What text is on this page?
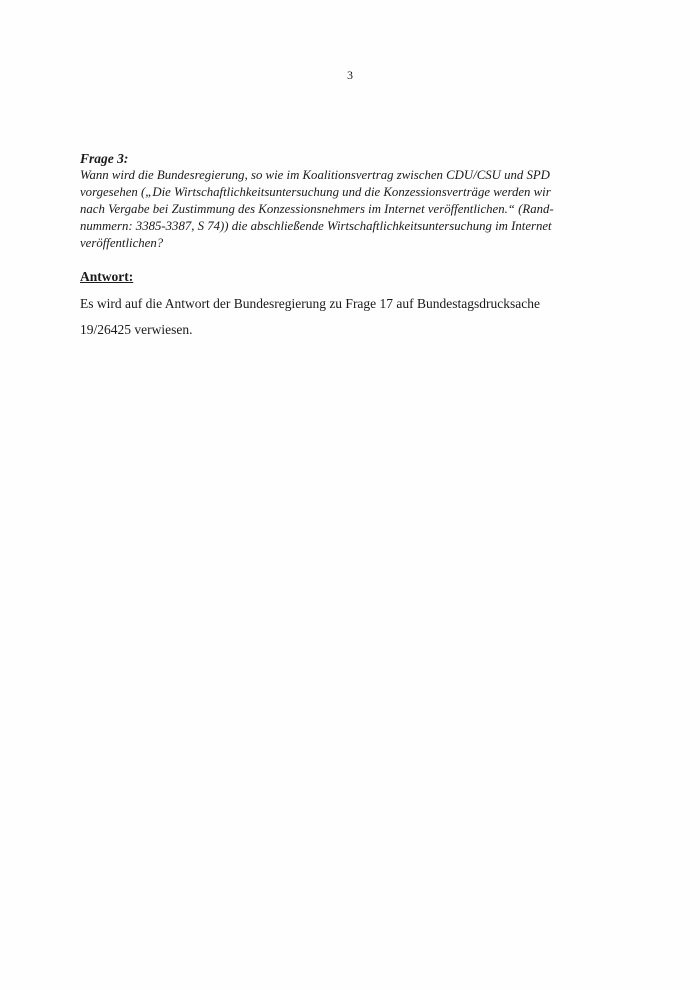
3
Frage 3:
Wann wird die Bundesregierung, so wie im Koalitionsvertrag zwischen CDU/CSU und SPD
vorgesehen („Die Wirtschaftlichkeitsuntersuchung und die Konzessionsverträge werden wir
nach Vergabe bei Zustimmung des Konzessionsnehmers im Internet veröffentlichen.“ (Rand-
nummern: 3385-3387, S 74)) die abschließende Wirtschaftlichkeitsuntersuchung im Internet
veröffentlichen?
Antwort:
Es wird auf die Antwort der Bundesregierung zu Frage 17 auf Bundestagsdrucksache
19/26425 verwiesen.
